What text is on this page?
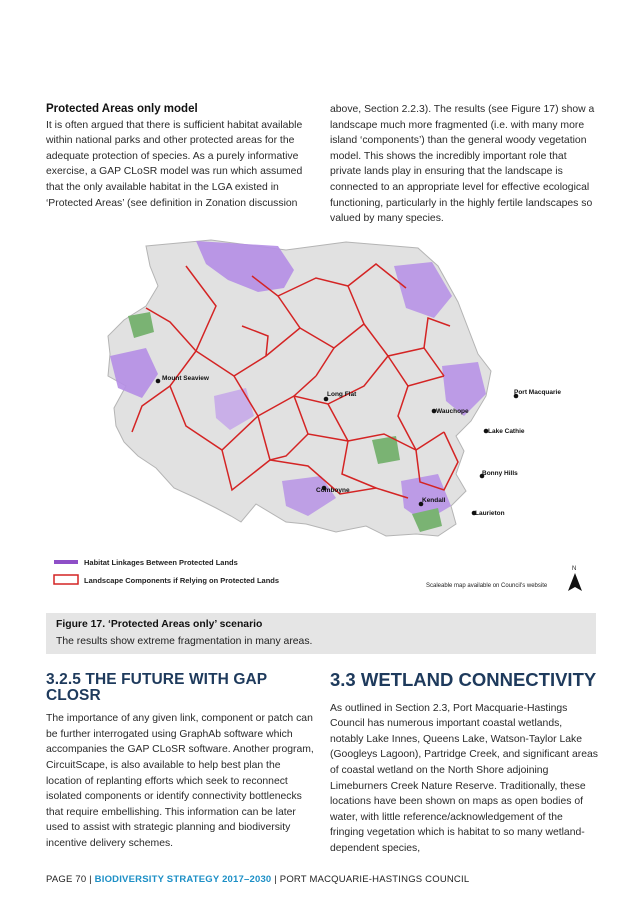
Protected Areas only model

It is often argued that there is sufficient habitat available within national parks and other protected areas for the adequate protection of species. As a purely informative exercise, a GAP CLoSR model was run which assumed that the only available habitat in the LGA existed in ‘Protected Areas’ (see definition in Zonation discussion

above, Section 2.2.3). The results (see Figure 17) show a landscape much more fragmented (i.e. with many more island ‘components’) than the general woody vegetation model. This shows the incredibly important role that private lands play in ensuring that the landscape is connected to an appropriate level for effective ecological functioning, particularly in the highly fertile landscapes so valued by many species.

Mount Seaview
Long Flat
Wauchope
Port Macquarie
Lake Cathie
Bonny Hills
Comboyne
Kendall
Laurieton
Habitat Linkages Between Protected Lands
Landscape Components if Relying on Protected Lands
Scaleable map available on Council's website
N
Figure 17. ‘Protected Areas only’ scenario
The results show extreme fragmentation in many areas.

3.2.5 THE FUTURE WITH GAP CLOSR

The importance of any given link, component or patch can be further interrogated using GraphAb software which accompanies the GAP CLoSR software. Another program, CircuitScape, is also available to help best plan the location of replanting efforts which seek to reconnect isolated components or identify connectivity bottlenecks that require embellishing. This information can be later used to assist with strategic planning and biodiversity incentive delivery schemes.

3.3 WETLAND CONNECTIVITY

As outlined in Section 2.3, Port Macquarie-Hastings Council has numerous important coastal wetlands, notably Lake Innes, Queens Lake, Watson-Taylor Lake (Googleys Lagoon), Partridge Creek, and significant areas of coastal wetland on the North Shore adjoining Limeburners Creek Nature Reserve. Traditionally, these locations have been shown on maps as open bodies of water, with little reference/acknowledgement of the fringing vegetation which is habitat to so many wetland-dependent species,

PAGE 70 | BIODIVERSITY STRATEGY 2017–2030 | PORT MACQUARIE-HASTINGS COUNCIL
